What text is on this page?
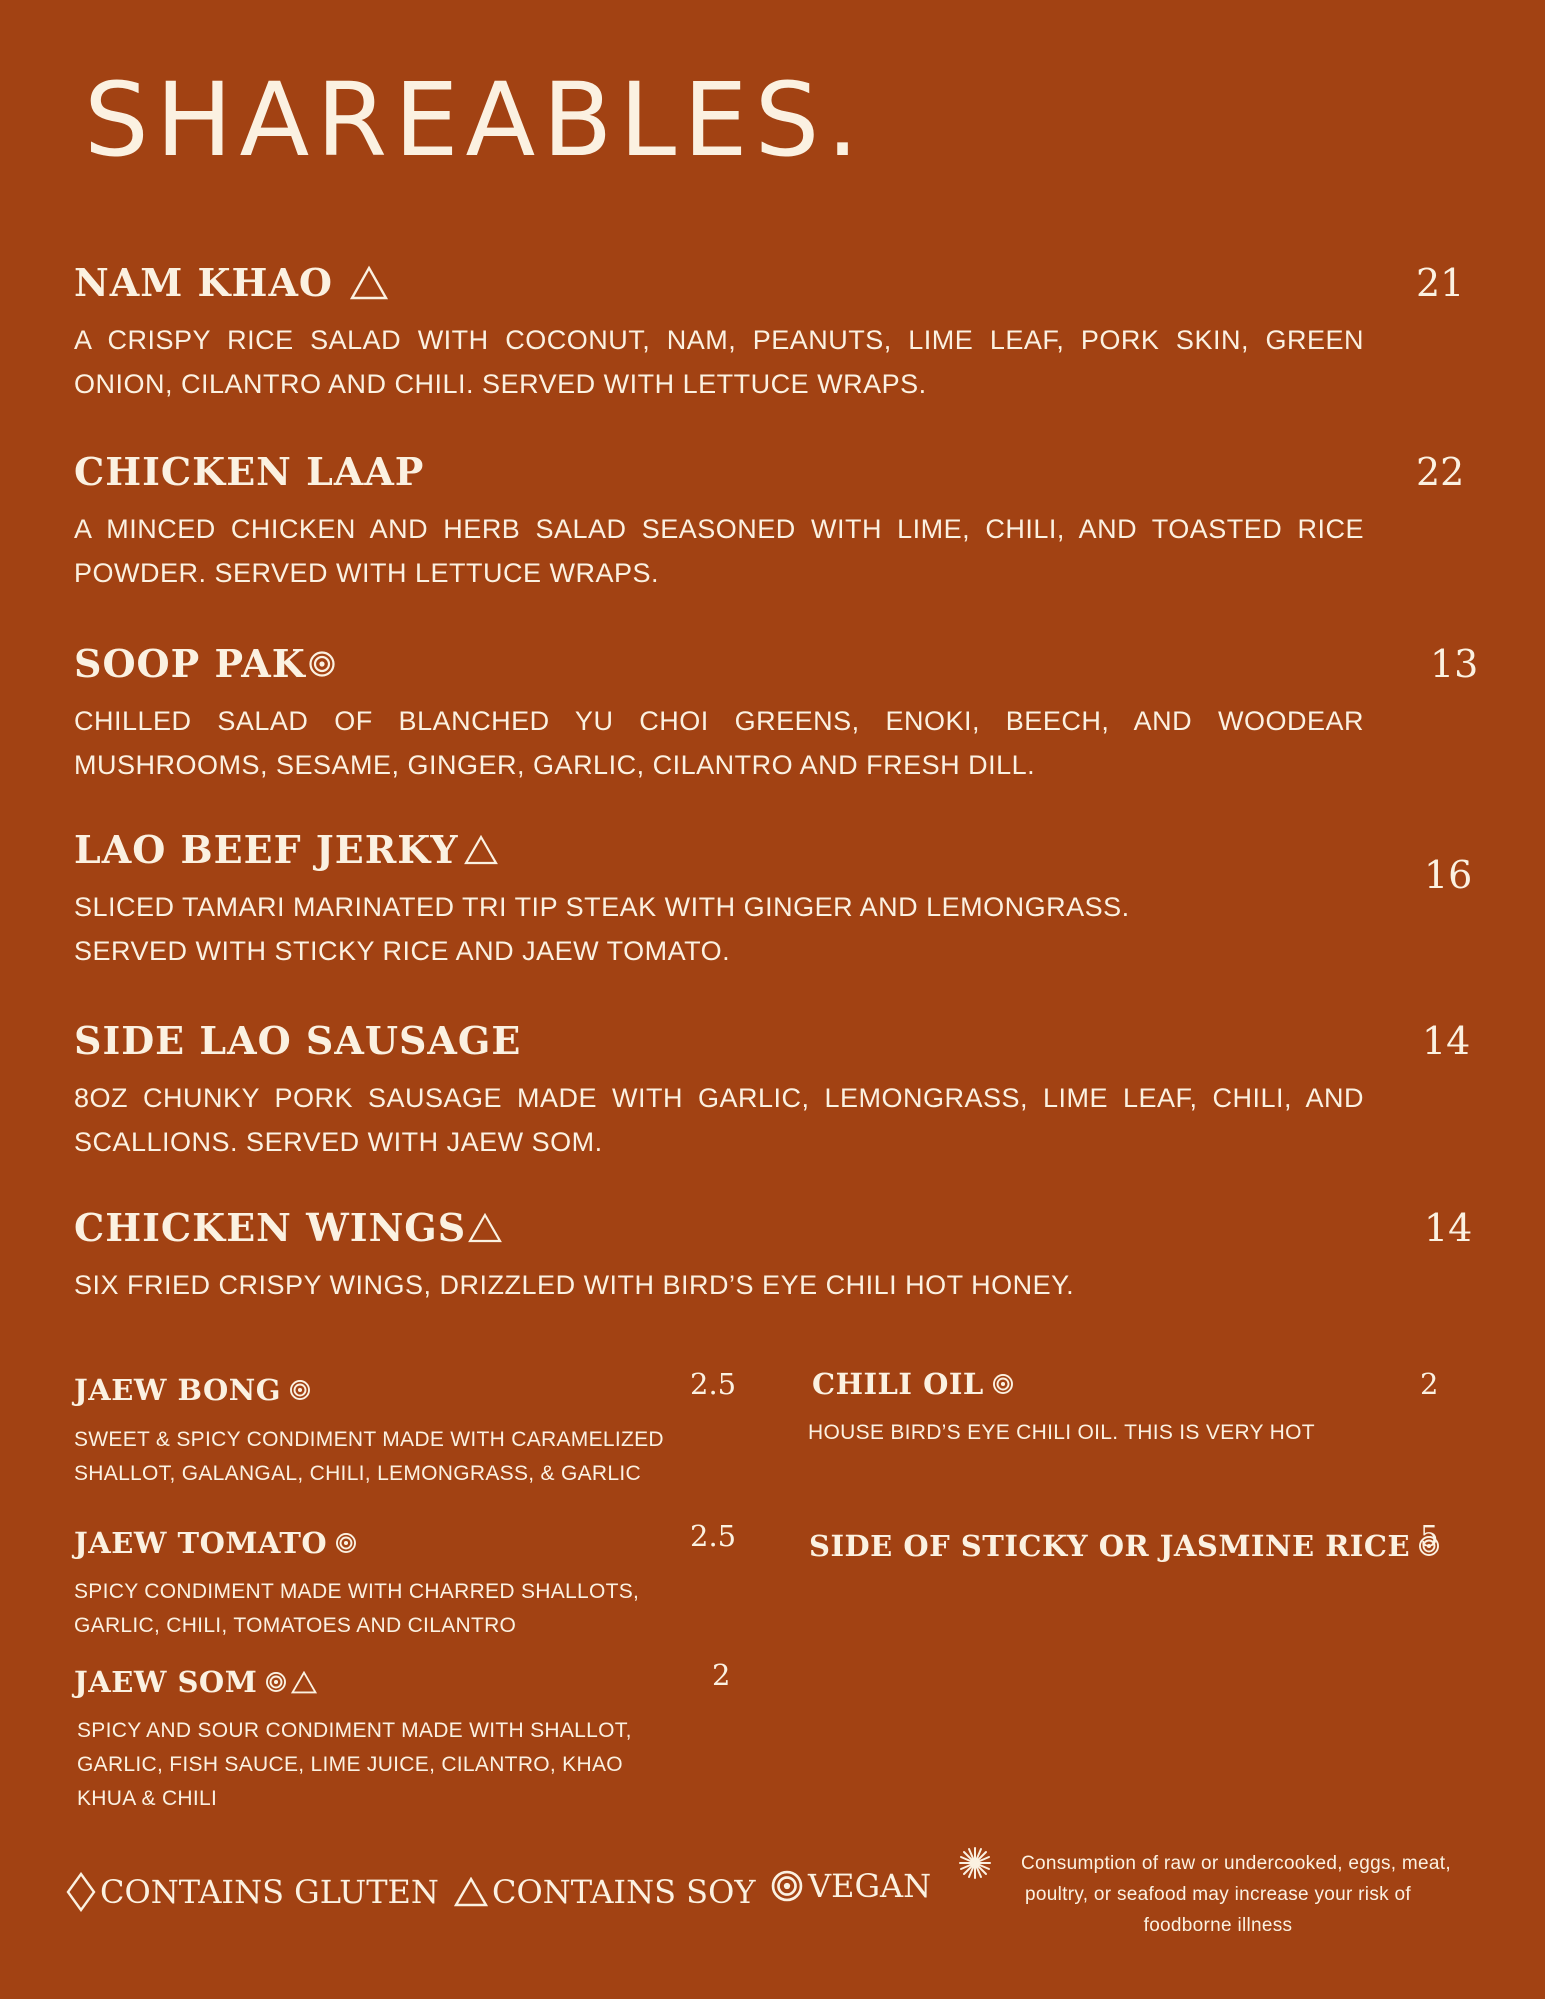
SHAREABLES.
NAM KHAO
A CRISPY RICE SALAD WITH COCONUT, NAM, PEANUTS, LIME LEAF, PORK SKIN, GREEN ONION, CILANTRO AND CHILI. SERVED WITH LETTUCE WRAPS.
21
CHICKEN LAAP
A MINCED CHICKEN AND HERB SALAD SEASONED WITH LIME, CHILI, AND TOASTED RICE POWDER. SERVED WITH LETTUCE WRAPS.
22
SOOP PAK
CHILLED SALAD OF BLANCHED YU CHOI GREENS, ENOKI, BEECH, AND WOODEAR MUSHROOMS, SESAME, GINGER, GARLIC, CILANTRO AND FRESH DILL.
13
LAO BEEF JERKY
SLICED TAMARI MARINATED TRI TIP STEAK WITH GINGER AND LEMONGRASS.
SERVED WITH STICKY RICE AND JAEW TOMATO.
16
SIDE LAO SAUSAGE
8OZ CHUNKY PORK SAUSAGE MADE WITH GARLIC, LEMONGRASS, LIME LEAF, CHILI, AND SCALLIONS. SERVED WITH JAEW SOM.
14
CHICKEN WINGS
SIX FRIED CRISPY WINGS, DRIZZLED WITH BIRD’S EYE CHILI HOT HONEY.
14
JAEW BONG	2.5
SWEET & SPICY CONDIMENT MADE WITH CARAMELIZED
SHALLOT, GALANGAL, CHILI, LEMONGRASS, & GARLIC
JAEW TOMATO	2.5
SPICY CONDIMENT MADE WITH CHARRED SHALLOTS,
GARLIC, CHILI, TOMATOES AND CILANTRO
JAEW SOM	2
SPICY AND SOUR CONDIMENT MADE WITH SHALLOT,
GARLIC, FISH SAUCE, LIME JUICE, CILANTRO, KHAO
KHUA & CHILI
CHILI OIL	2
HOUSE BIRD’S EYE CHILI OIL. THIS IS VERY HOT
SIDE OF STICKY OR JASMINE RICE 5
CONTAINS GLUTEN CONTAINS SOY VEGAN
Consumption of raw or undercooked, eggs, meat,
poultry, or seafood may increase your risk of
foodborne illness
